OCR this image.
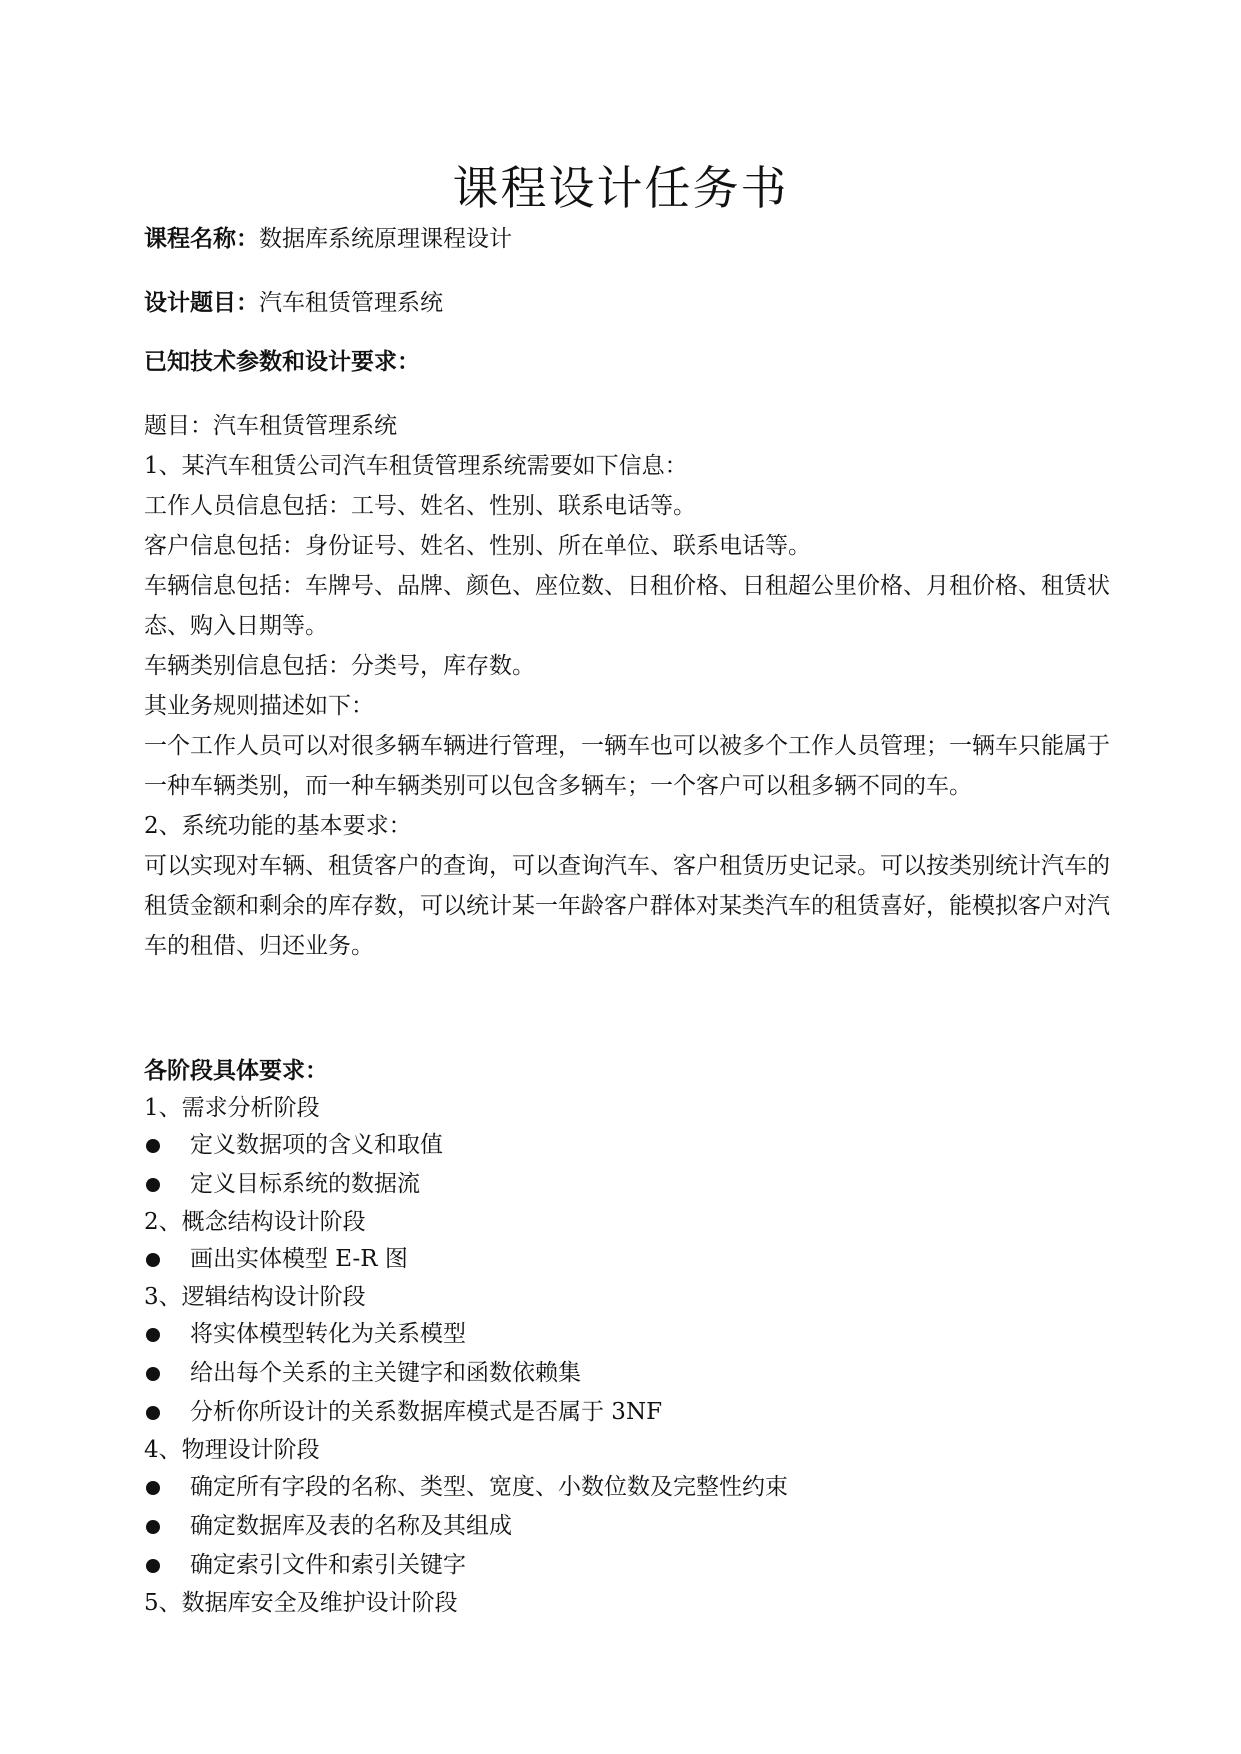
课程设计任务书
课程名称：数据库系统原理课程设计
设计题目：汽车租赁管理系统
已知技术参数和设计要求：

题目：汽车租赁管理系统

1、某汽车租赁公司汽车租赁管理系统需要如下信息：

工作人员信息包括：工号、姓名、性别、联系电话等。

客户信息包括：身份证号、姓名、性别、所在单位、联系电话等。

车辆信息包括：车牌号、品牌、颜色、座位数、日租价格、日租超公里价格、月租价格、租赁状态、购入日期等。

车辆类别信息包括：分类号，库存数。

其业务规则描述如下：

一个工作人员可以对很多辆车辆进行管理，一辆车也可以被多个工作人员管理；一辆车只能属于一种车辆类别，而一种车辆类别可以包含多辆车；一个客户可以租多辆不同的车。

2、系统功能的基本要求：

可以实现对车辆、租赁客户的查询，可以查询汽车、客户租赁历史记录。可以按类别统计汽车的租赁金额和剩余的库存数，可以统计某一年龄客户群体对某类汽车的租赁喜好，能模拟客户对汽车的租借、归还业务。

各阶段具体要求：
1、需求分析阶段
定义数据项的含义和取值
定义目标系统的数据流
2、概念结构设计阶段
画出实体模型 E-R 图
3、逻辑结构设计阶段
将实体模型转化为关系模型
给出每个关系的主关键字和函数依赖集
分析你所设计的关系数据库模式是否属于 3NF
4、物理设计阶段
确定所有字段的名称、类型、宽度、小数位数及完整性约束
确定数据库及表的名称及其组成
确定索引文件和索引关键字
5、数据库安全及维护设计阶段
